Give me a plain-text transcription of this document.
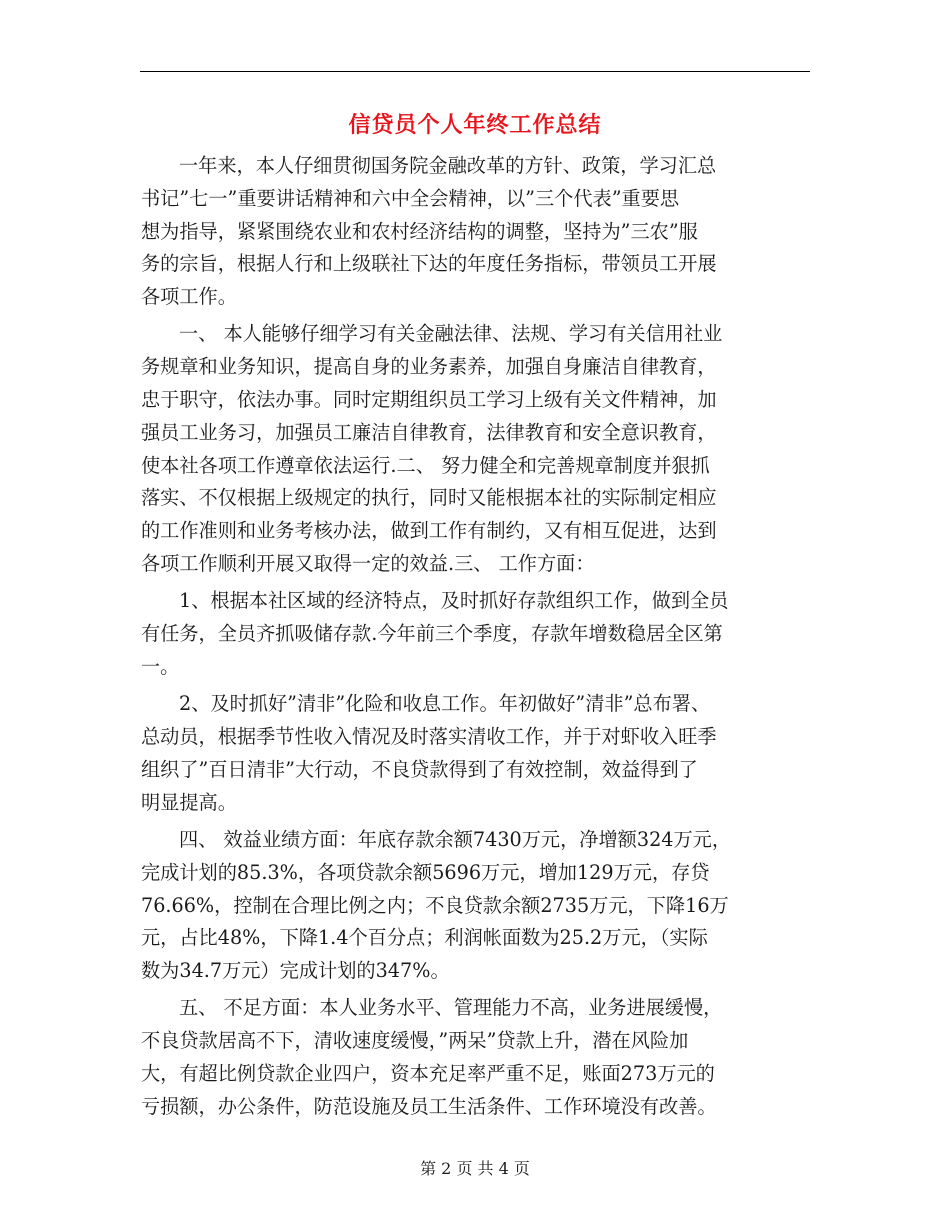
信贷员个人年终工作总结

一年来，本人仔细贯彻国务院金融改革的方针、政策，学习汇总
书记”七一”重要讲话精神和六中全会精神，以”三个代表”重要思
想为指导，紧紧围绕农业和农村经济结构的调整，坚持为”三农”服
务的宗旨，根据人行和上级联社下达的年度任务指标，带领员工开展
各项工作。

一、 本人能够仔细学习有关金融法律、法规、学习有关信用社业
务规章和业务知识，提高自身的业务素养，加强自身廉洁自律教育，
忠于职守，依法办事。同时定期组织员工学习上级有关文件精神，加
强员工业务习，加强员工廉洁自律教育，法律教育和安全意识教育，
使本社各项工作遵章依法运行.二、 努力健全和完善规章制度并狠抓
落实、不仅根据上级规定的执行，同时又能根据本社的实际制定相应
的工作准则和业务考核办法，做到工作有制约，又有相互促进，达到
各项工作顺利开展又取得一定的效益.三、 工作方面：

1、根据本社区域的经济特点，及时抓好存款组织工作，做到全员
有任务，全员齐抓吸储存款.今年前三个季度，存款年增数稳居全区第
一。

2、及时抓好”清非”化险和收息工作。年初做好”清非”总布署、
总动员，根据季节性收入情况及时落实清收工作，并于对虾收入旺季
组织了”百日清非”大行动，不良贷款得到了有效控制，效益得到了
明显提高。

四、 效益业绩方面：年底存款余额7430万元，净增额324万元，
完成计划的85.3%，各项贷款余额5696万元，增加129万元，存贷
76.66%，控制在合理比例之内；不良贷款余额2735万元，下降16万
元，占比48%，下降1.4个百分点；利润帐面数为25.2万元，（实际
数为34.7万元）完成计划的347%。

五、 不足方面：本人业务水平、管理能力不高，业务进展缓慢，
不良贷款居高不下，清收速度缓慢，”两呆”贷款上升，潜在风险加
大，有超比例贷款企业四户，资本充足率严重不足，账面273万元的
亏损额，办公条件，防范设施及员工生活条件、工作环境没有改善。

第 2 页 共 4 页
